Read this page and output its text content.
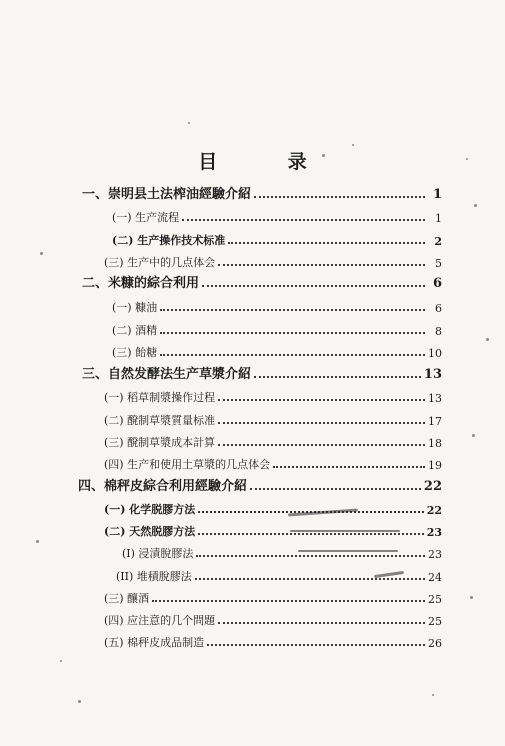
目 录
一、崇明县土法榨油經驗介紹	1
(一) 生产流程	1
(二) 生产操作技术标准	2
(三) 生产中的几点体会	5
二、米糠的綜合利用	6
(一) 糠油	6
(二) 酒精	8
(三) 飴糖	10
三、自然发酵法生产草漿介紹	13
(一) 稻草制漿操作过程	13
(二) 醗制草漿質量标准	17
(三) 醗制草漿成本計算	18
(四) 生产和使用土草漿的几点体会	19
四、棉秤皮綜合利用經驗介紹	22
(一) 化学脱膠方法	22
(二) 天然脱膠方法	23
(I) 浸漬脫膠法	23
(II) 堆積脫膠法	24
(三) 釀酒	25
(四) 应注意的几个問題	25
(五) 棉秤皮成品制造	26
